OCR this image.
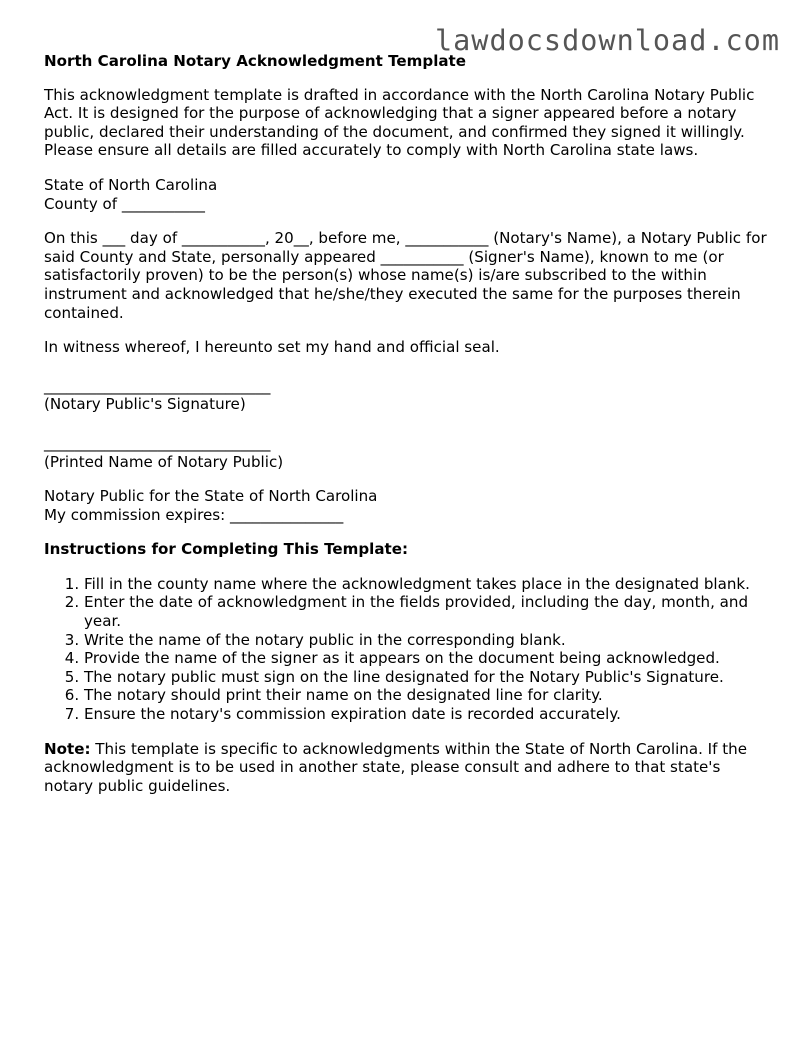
lawdocsdownload.com
North Carolina Notary Acknowledgment Template

This acknowledgment template is drafted in accordance with the North Carolina Notary Public Act. It is designed for the purpose of acknowledging that a signer appeared before a notary public, declared their understanding of the document, and confirmed they signed it willingly. Please ensure all details are filled accurately to comply with North Carolina state laws.

State of North Carolina
County of ___________

On this ___ day of ___________, 20__, before me, ___________ (Notary's Name), a Notary Public for said County and State, personally appeared ___________ (Signer's Name), known to me (or satisfactorily proven) to be the person(s) whose name(s) is/are subscribed to the within instrument and acknowledged that he/she/they executed the same for the purposes therein contained.

In witness whereof, I hereunto set my hand and official seal.

______________________________
(Notary Public's Signature)
______________________________
(Printed Name of Notary Public)
Notary Public for the State of North Carolina
My commission expires: _______________
Instructions for Completing This Template:
1. Fill in the county name where the acknowledgment takes place in the designated blank.
2. Enter the date of acknowledgment in the fields provided, including the day, month, and year.
3. Write the name of the notary public in the corresponding blank.
4. Provide the name of the signer as it appears on the document being acknowledged.
5. The notary public must sign on the line designated for the Notary Public's Signature.
6. The notary should print their name on the designated line for clarity.
7. Ensure the notary's commission expiration date is recorded accurately.

Note: This template is specific to acknowledgments within the State of North Carolina. If the acknowledgment is to be used in another state, please consult and adhere to that state's notary public guidelines.
